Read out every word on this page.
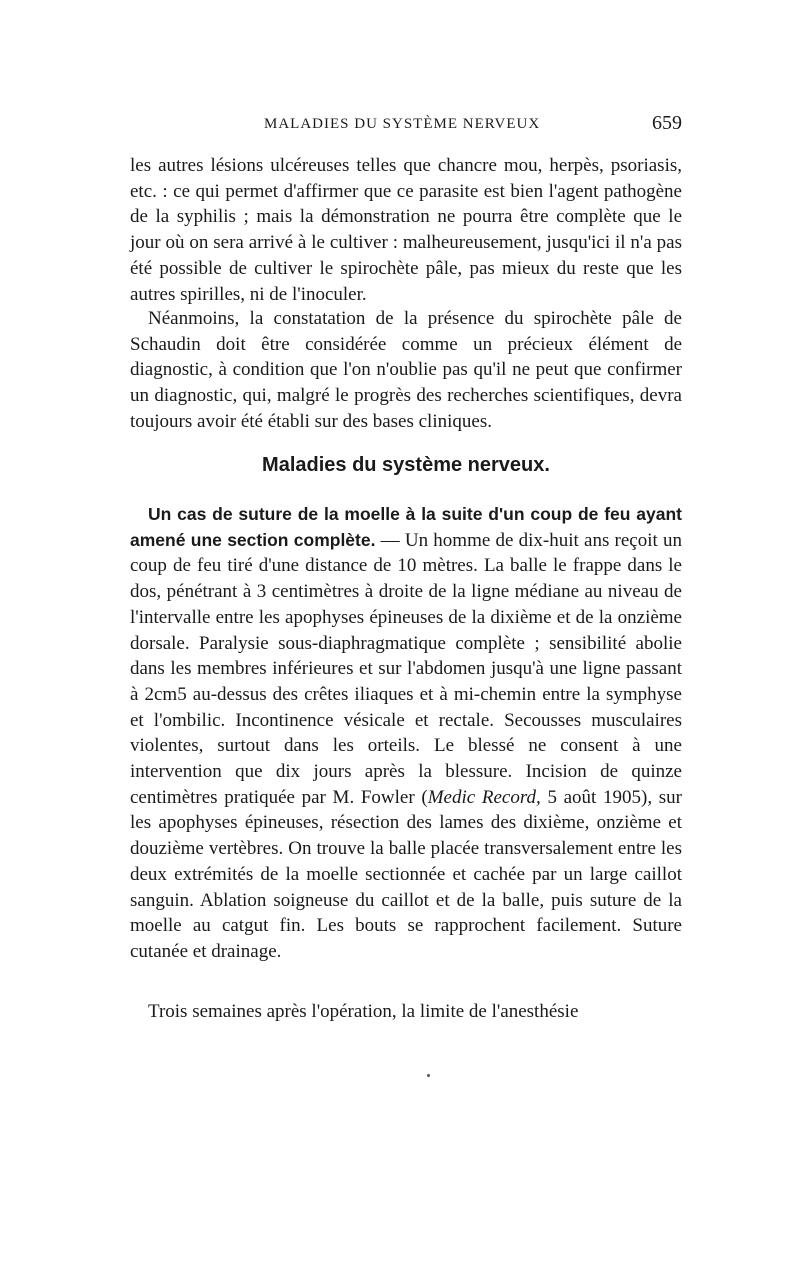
MALADIES DU SYSTÈME NERVEUX	659

les autres lésions ulcéreuses telles que chancre mou, herpès, psoriasis, etc. : ce qui permet d'affirmer que ce parasite est bien l'agent pathogène de la syphilis ; mais la démonstration ne pourra être complète que le jour où on sera arrivé à le cultiver : malheureusement, jusqu'ici il n'a pas été possible de cultiver le spirochète pâle, pas mieux du reste que les autres spirilles, ni de l'inoculer.

Néanmoins, la constatation de la présence du spirochète pâle de Schaudin doit être considérée comme un précieux élément de diagnostic, à condition que l'on n'oublie pas qu'il ne peut que confirmer un diagnostic, qui, malgré le progrès des recherches scientifiques, devra toujours avoir été établi sur des bases cliniques.

Maladies du système nerveux.

Un cas de suture de la moelle à la suite d'un coup de feu ayant amené une section complète. — Un homme de dix-huit ans reçoit un coup de feu tiré d'une distance de 10 mètres. La balle le frappe dans le dos, pénétrant à 3 centimètres à droite de la ligne médiane au niveau de l'intervalle entre les apophyses épineuses de la dixième et de la onzième dorsale. Paralysie sous-diaphragmatique complète ; sensibilité abolie dans les membres inférieures et sur l'abdomen jusqu'à une ligne passant à 2cm5 au-dessus des crêtes iliaques et à mi-chemin entre la symphyse et l'ombilic. Incontinence vésicale et rectale. Secousses musculaires violentes, surtout dans les orteils. Le blessé ne consent à une intervention que dix jours après la blessure. Incision de quinze centimètres pratiquée par M. Fowler (Medic Record, 5 août 1905), sur les apophyses épineuses, résection des lames des dixième, onzième et douzième vertèbres. On trouve la balle placée transversalement entre les deux extrémités de la moelle sectionnée et cachée par un large caillot sanguin. Ablation soigneuse du caillot et de la balle, puis suture de la moelle au catgut fin. Les bouts se rapprochent facilement. Suture cutanée et drainage.

Trois semaines après l'opération, la limite de l'anesthésie
